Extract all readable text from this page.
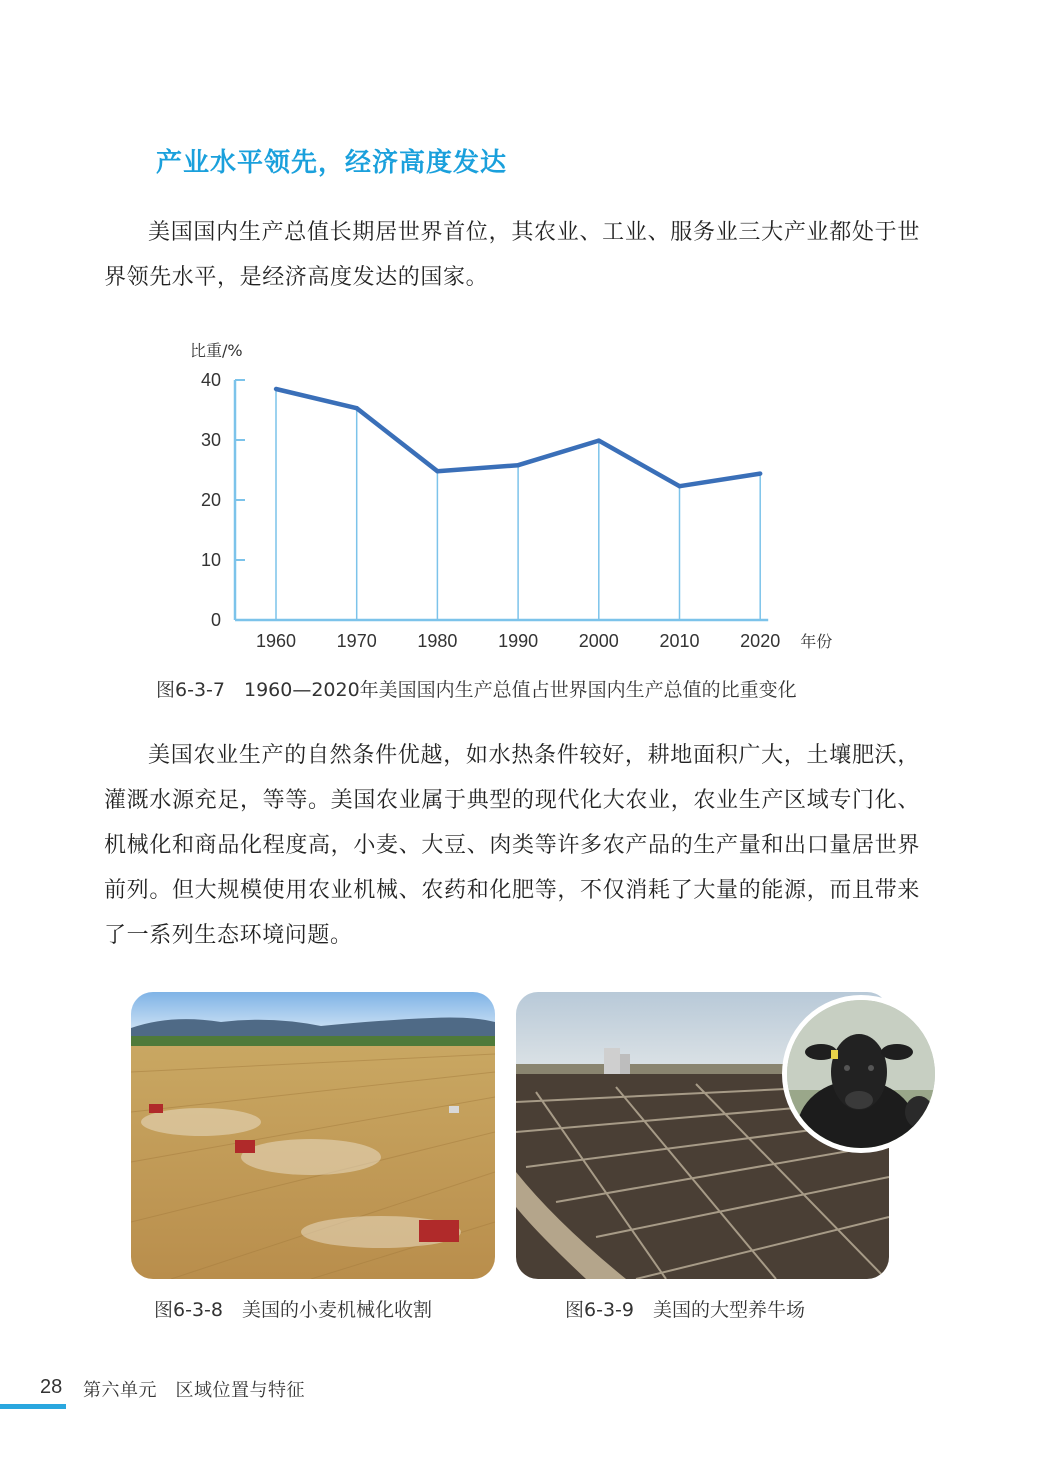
产业水平领先，经济高度发达

美国国内生产总值长期居世界首位，其农业、工业、服务业三大产业都处于世界领先水平，是经济高度发达的国家。

比重/%
0
10
20
30
40
1960 1970 1980 1990 2000 2010 2020 年份

图6-3-7　1960—2020年美国国内生产总值占世界国内生产总值的比重变化

美国农业生产的自然条件优越，如水热条件较好，耕地面积广大，土壤肥沃，灌溉水源充足，等等。美国农业属于典型的现代化大农业，农业生产区域专门化、机械化和商品化程度高，小麦、大豆、肉类等许多农产品的生产量和出口量居世界前列。但大规模使用农业机械、农药和化肥等，不仅消耗了大量的能源，而且带来了一系列生态环境问题。

图6-3-8　美国的小麦机械化收割	图6-3-9　美国的大型养牛场

28 第六单元　区域位置与特征
